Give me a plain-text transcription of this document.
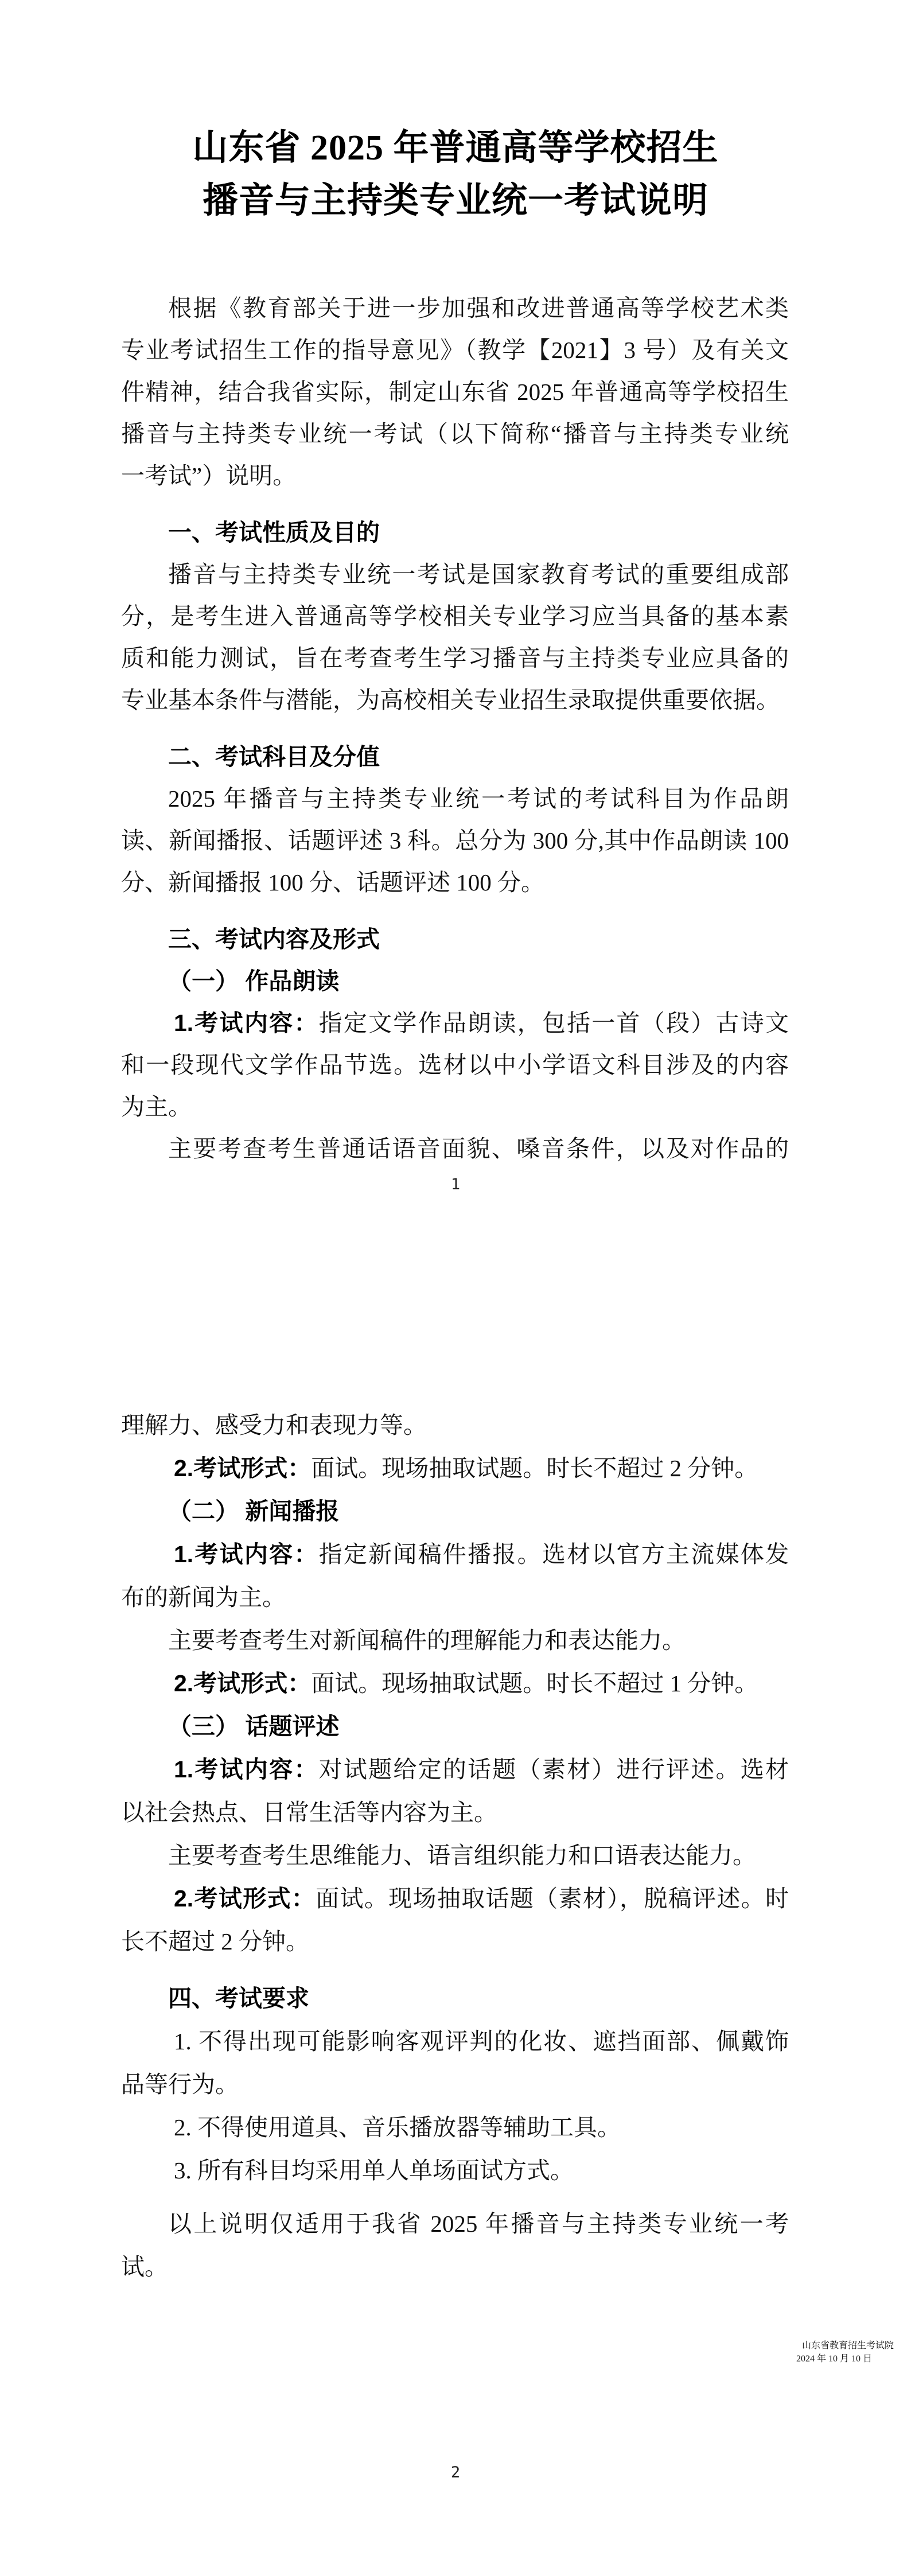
山东省 2025 年普通高等学校招生
播音与主持类专业统一考试说明
根据《教育部关于进一步加强和改进普通高等学校艺术类
专业考试招生工作的指导意见》（教学【2021】3 号）及有关文
件精神，结合我省实际，制定山东省 2025 年普通高等学校招生
播音与主持类专业统一考试（以下简称“播音与主持类专业统
一考试”）说明。
一、考试性质及目的
播音与主持类专业统一考试是国家教育考试的重要组成部
分，是考生进入普通高等学校相关专业学习应当具备的基本素
质和能力测试，旨在考查考生学习播音与主持类专业应具备的
专业基本条件与潜能，为高校相关专业招生录取提供重要依据。
二、考试科目及分值
2025 年播音与主持类专业统一考试的考试科目为作品朗
读、新闻播报、话题评述 3 科。总分为 300 分,其中作品朗读 100
分、新闻播报 100 分、话题评述 100 分。
三、考试内容及形式
（一） 作品朗读
1.考试内容：指定文学作品朗读，包括一首（段）古诗文
和一段现代文学作品节选。选材以中小学语文科目涉及的内容
为主。
主要考查考生普通话语音面貌、嗓音条件，以及对作品的
1
理解力、感受力和表现力等。
2.考试形式：面试。现场抽取试题。时长不超过 2 分钟。
（二） 新闻播报
1.考试内容：指定新闻稿件播报。选材以官方主流媒体发
布的新闻为主。
主要考查考生对新闻稿件的理解能力和表达能力。
2.考试形式：面试。现场抽取试题。时长不超过 1 分钟。
（三） 话题评述
1.考试内容：对试题给定的话题（素材）进行评述。选材
以社会热点、日常生活等内容为主。
主要考查考生思维能力、语言组织能力和口语表达能力。
2.考试形式：面试。现场抽取话题（素材），脱稿评述。时
长不超过 2 分钟。
四、考试要求
1. 不得出现可能影响客观评判的化妆、遮挡面部、佩戴饰
品等行为。
2. 不得使用道具、音乐播放器等辅助工具。
3. 所有科目均采用单人单场面试方式。
以上说明仅适用于我省 2025 年播音与主持类专业统一考
试。
山东省教育招生考试院
2024 年 10 月 10 日
2
